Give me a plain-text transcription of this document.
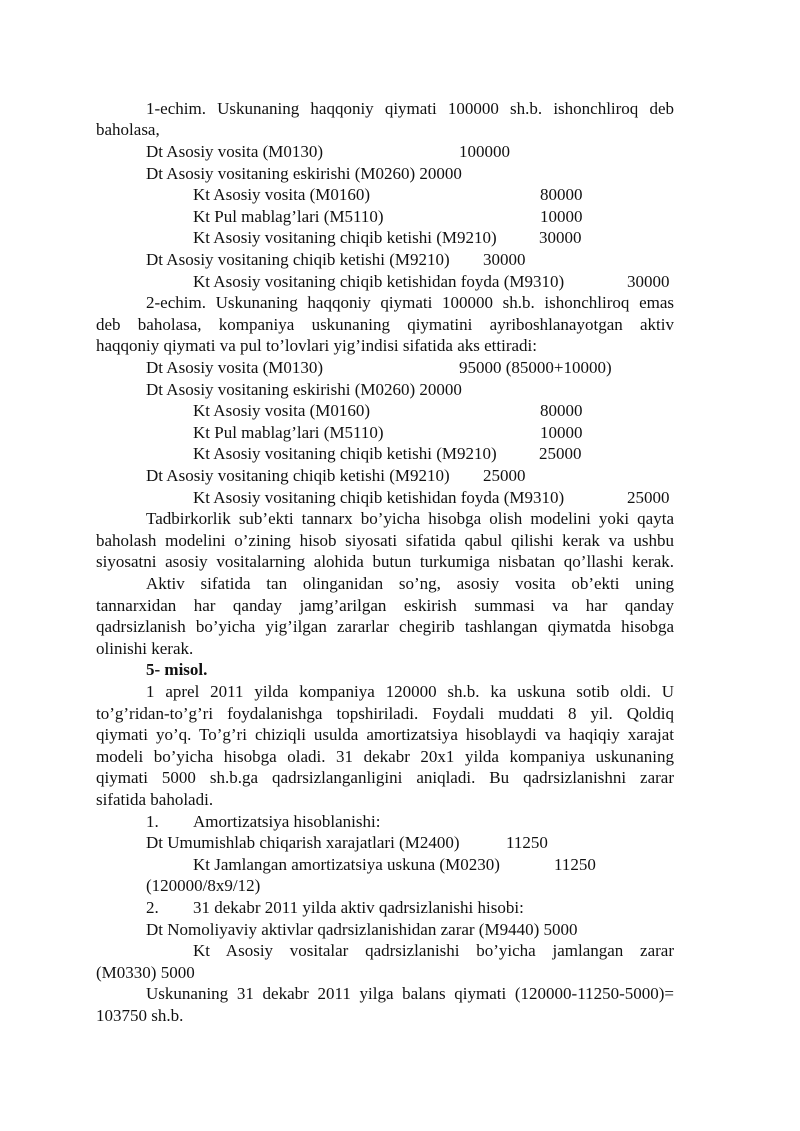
1-echim. Uskunaning haqqoniy qiymati 100000 sh.b. ishonchliroq deb
baholasa,
Dt Asosiy vosita (M0130)	100000
Dt Asosiy vositaning eskirishi (M0260) 20000
Kt Asosiy vosita (M0160)	80000
Kt Pul mablag’lari (M5110)	10000
Kt Asosiy vositaning chiqib ketishi (M9210) 30000
Dt Asosiy vositaning chiqib ketishi (M9210) 30000
Kt Asosiy vositaning chiqib ketishidan foyda (M9310)	30000
2-echim. Uskunaning haqqoniy qiymati 100000 sh.b. ishonchliroq emas
deb baholasa, kompaniya uskunaning qiymatini ayriboshlanayotgan aktiv
haqqoniy qiymati va pul to’lovlari yig’indisi sifatida aks ettiradi:
Dt Asosiy vosita (M0130)	95000 (85000+10000)
Dt Asosiy vositaning eskirishi (M0260) 20000
Kt Asosiy vosita (M0160)	80000
Kt Pul mablag’lari (M5110)	10000
Kt Asosiy vositaning chiqib ketishi (M9210) 25000
Dt Asosiy vositaning chiqib ketishi (M9210) 25000
Kt Asosiy vositaning chiqib ketishidan foyda (M9310)	25000
Tadbirkorlik sub’ekti tannarx bo’yicha hisobga olish modelini yoki qayta
baholash modelini o’zining hisob siyosati sifatida qabul qilishi kerak va ushbu
siyosatni asosiy vositalarning alohida butun turkumiga nisbatan qo’llashi kerak.
Aktiv sifatida tan olinganidan so’ng, asosiy vosita ob’ekti uning
tannarxidan har qanday jamg’arilgan eskirish summasi va har qanday
qadrsizlanish bo’yicha yig’ilgan zararlar chegirib tashlangan qiymatda hisobga
olinishi kerak.
5- misol.
1 aprel 2011 yilda kompaniya 120000 sh.b. ka uskuna sotib oldi. U
to’g’ridan-to’g’ri foydalanishga topshiriladi. Foydali muddati 8 yil. Qoldiq
qiymati yo’q. To’g’ri chiziqli usulda amortizatsiya hisoblaydi va haqiqiy xarajat
modeli bo’yicha hisobga oladi. 31 dekabr 20x1 yilda kompaniya uskunaning
qiymati 5000 sh.b.ga qadrsizlanganligini aniqladi. Bu qadrsizlanishni zarar
sifatida baholadi.
1. Amortizatsiya hisoblanishi:
Dt Umumishlab chiqarish xarajatlari (M2400)	11250
Kt Jamlangan amortizatsiya uskuna (M0230)	11250
(120000/8x9/12)
2. 31 dekabr 2011 yilda aktiv qadrsizlanishi hisobi:
Dt Nomoliyaviy aktivlar qadrsizlanishidan zarar (M9440) 5000
Kt Asosiy vositalar qadrsizlanishi bo’yicha jamlangan zarar
(M0330) 5000
Uskunaning 31 dekabr 2011 yilga balans qiymati (120000-11250-5000)=
103750 sh.b.
